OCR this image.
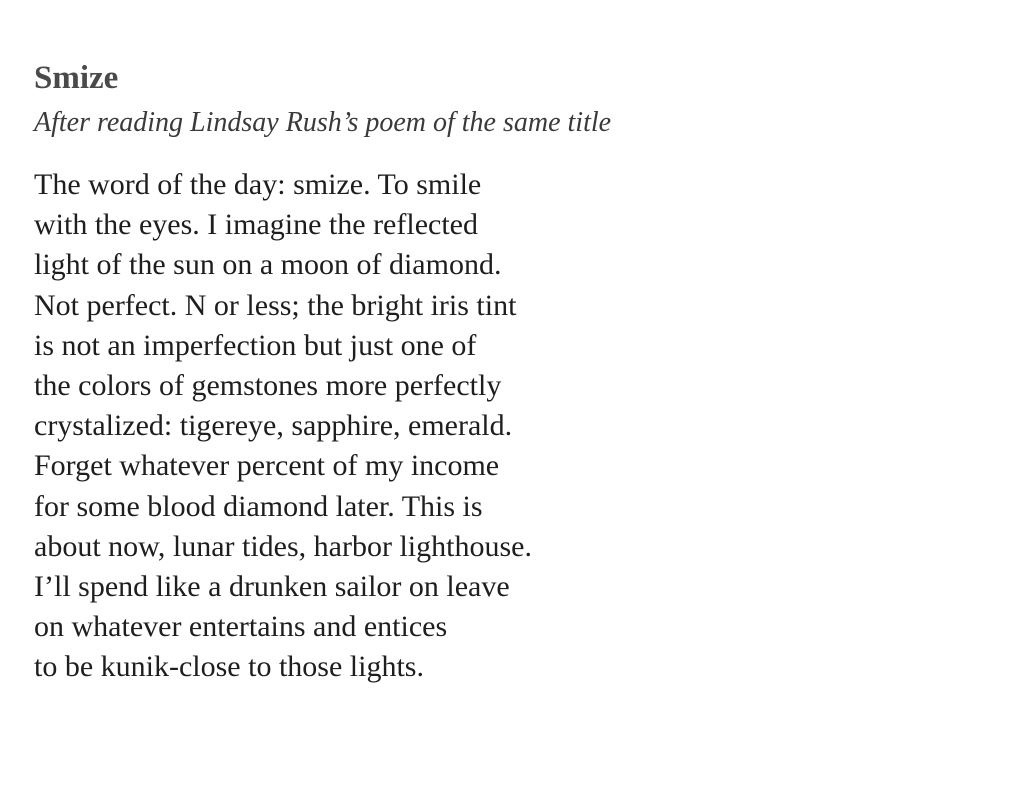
Smize

After reading Lindsay Rush’s poem of the same title

The word of the day: smize. To smile
with the eyes. I imagine the reflected
light of the sun on a moon of diamond.
Not perfect. N or less; the bright iris tint
is not an imperfection but just one of
the colors of gemstones more perfectly
crystalized: tigereye, sapphire, emerald.
Forget whatever percent of my income
for some blood diamond later. This is
about now, lunar tides, harbor lighthouse.
I’ll spend like a drunken sailor on leave
on whatever entertains and entices
to be kunik-close to those lights.
